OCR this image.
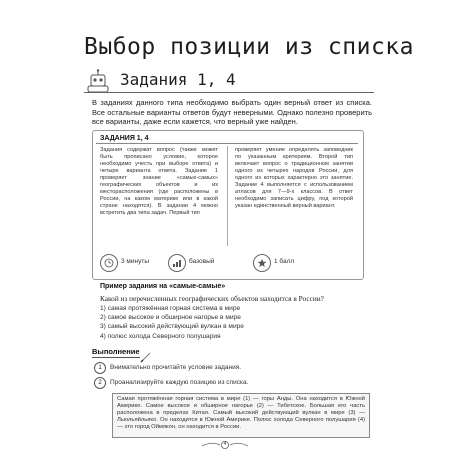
Выбор позиции из списка
Задания 1, 4
В заданиях данного типа необходимо выбрать один верный ответ из списка. Все остальные варианты ответов будут неверными. Однако полезно проверить все варианты, даже если кажется, что верный уже найден.
ЗАДАНИЯ 1, 4
Задания содержат вопрос (также может быть прописано условие, которое необходимо учесть при выборе ответа) и четыре варианта ответа. Задание 1 проверяет знание «самых-самых» географических объектов и их месторасположения (где расположены в России, на каком материке или в какой стране находятся). В задании 4 можно встретить два типа задач. Первый тип
проверяет умение определять заповедник по указанным критериям. Второй тип включает вопрос о традиционном занятии одного из четырех народов России, для одного из которых характерно это занятие. Задание 4 выполняется с использованием атласов для 7—9-х классов. В ответ необходимо записать цифру, под которой указан единственный верный вариант.
3 минуты	базовый	1 балл
Пример задания на «самые-самые»
Какой из перечисленных географических объектов находится в России?
1) самая протяжённая горная система в мире
2) самое высокое и обширное нагорье в мире
3) самый высокий действующий вулкан в мире
4) полюс холода Северного полушария
Выполнение
1	Внимательно прочитайте условие задания.
2	Проанализируйте каждую позицию из списка.
Самая протяжённая горная система в мире (1) — горы Анды. Она находится в Южной Америке. Самое высокое и обширное нагорье (2) — Тибетское. Большая его часть расположена в пределах Китая. Самый высокий действующий вулкан в мире (3) — Льюльяйльяко. Он находится в Южной Америке. Полюс холода Северного полушария (4) — это город Оймякон, он находится в России.
4
